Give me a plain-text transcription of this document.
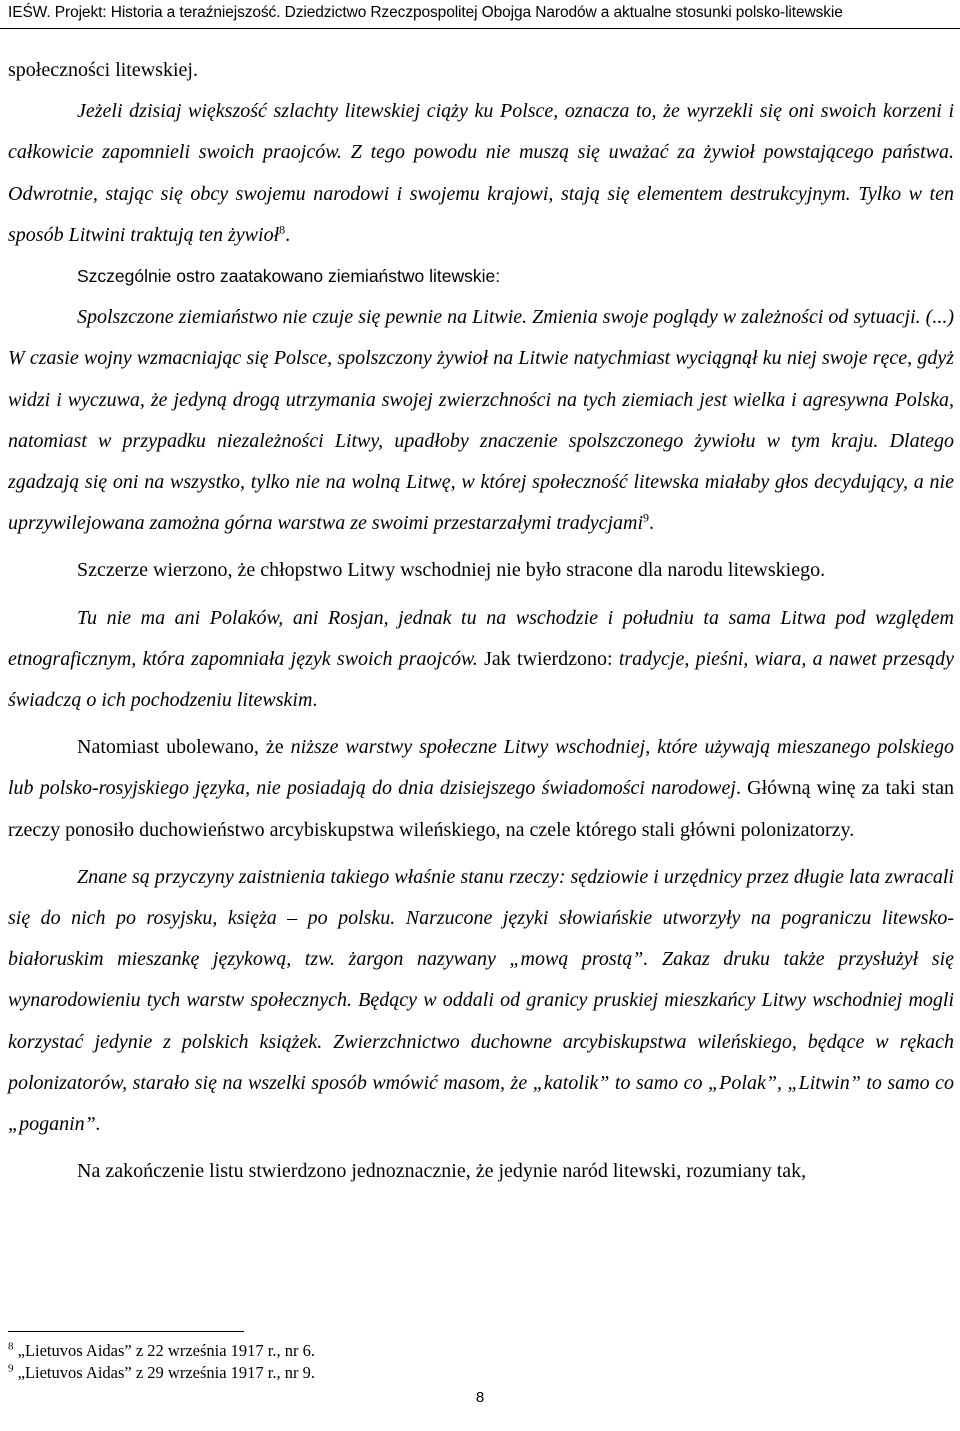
IEŚW. Projekt: Historia a teraźniejszość. Dziedzictwo Rzeczpospolitej Obojga Narodów a aktualne stosunki polsko-litewskie

społeczności litewskiej.

Jeżeli dzisiaj większość szlachty litewskiej ciąży ku Polsce, oznacza to, że wyrzekli się oni swoich korzeni i całkowicie zapomnieli swoich praojców. Z tego powodu nie muszą się uważać za żywioł powstającego państwa. Odwrotnie, stając się obcy swojemu narodowi i swojemu krajowi, stają się elementem destrukcyjnym. Tylko w ten sposób Litwini traktują ten żywioł$^8$.

Szczególnie ostro zaatakowano ziemiaństwo litewskie:

Spolszczone ziemiaństwo nie czuje się pewnie na Litwie. Zmienia swoje poglądy w zależności od sytuacji. (...) W czasie wojny wzmacniając się Polsce, spolszczony żywioł na Litwie natychmiast wyciągnął ku niej swoje ręce, gdyż widzi i wyczuwa, że jedyną drogą utrzymania swojej zwierzchności na tych ziemiach jest wielka i agresywna Polska, natomiast w przypadku niezależności Litwy, upadłoby znaczenie spolszczonego żywiołu w tym kraju. Dlatego zgadzają się oni na wszystko, tylko nie na wolną Litwę, w której społeczność litewska miałaby głos decydujący, a nie uprzywilejowana zamożna górna warstwa ze swoimi przestarzałymi tradycjami$^9$.

Szczerze wierzono, że chłopstwo Litwy wschodniej nie było stracone dla narodu litewskiego.

Tu nie ma ani Polaków, ani Rosjan, jednak tu na wschodzie i południu ta sama Litwa pod względem etnograficznym, która zapomniała język swoich praojców. Jak twierdzono: tradycje, pieśni, wiara, a nawet przesądy świadczą o ich pochodzeniu litewskim.

Natomiast ubolewano, że niższe warstwy społeczne Litwy wschodniej, które używają mieszanego polskiego lub polsko-rosyjskiego języka, nie posiadają do dnia dzisiejszego świadomości narodowej. Główną winę za taki stan rzeczy ponosiło duchowieństwo arcybiskupstwa wileńskiego, na czele którego stali główni polonizatorzy.

Znane są przyczyny zaistnienia takiego właśnie stanu rzeczy: sędziowie i urzędnicy przez długie lata zwracali się do nich po rosyjsku, księża – po polsku. Narzucone języki słowiańskie utworzyły na pograniczu litewsko-białoruskim mieszankę językową, tzw. żargon nazywany „mową prostą”. Zakaz druku także przysłużył się wynarodowieniu tych warstw społecznych. Będący w oddali od granicy pruskiej mieszkańcy Litwy wschodniej mogli korzystać jedynie z polskich książek. Zwierzchnictwo duchowne arcybiskupstwa wileńskiego, będące w rękach polonizatorów, starało się na wszelki sposób wmówić masom, że „katolik” to samo co „Polak”, „Litwin” to samo co „poganin”.

Na zakończenie listu stwierdzono jednoznacznie, że jedynie naród litewski, rozumiany tak,

$^8$ „Lietuvos Aidas” z 22 września 1917 r., nr 6.

$^9$ „Lietuvos Aidas” z 29 września 1917 r., nr 9.

8
